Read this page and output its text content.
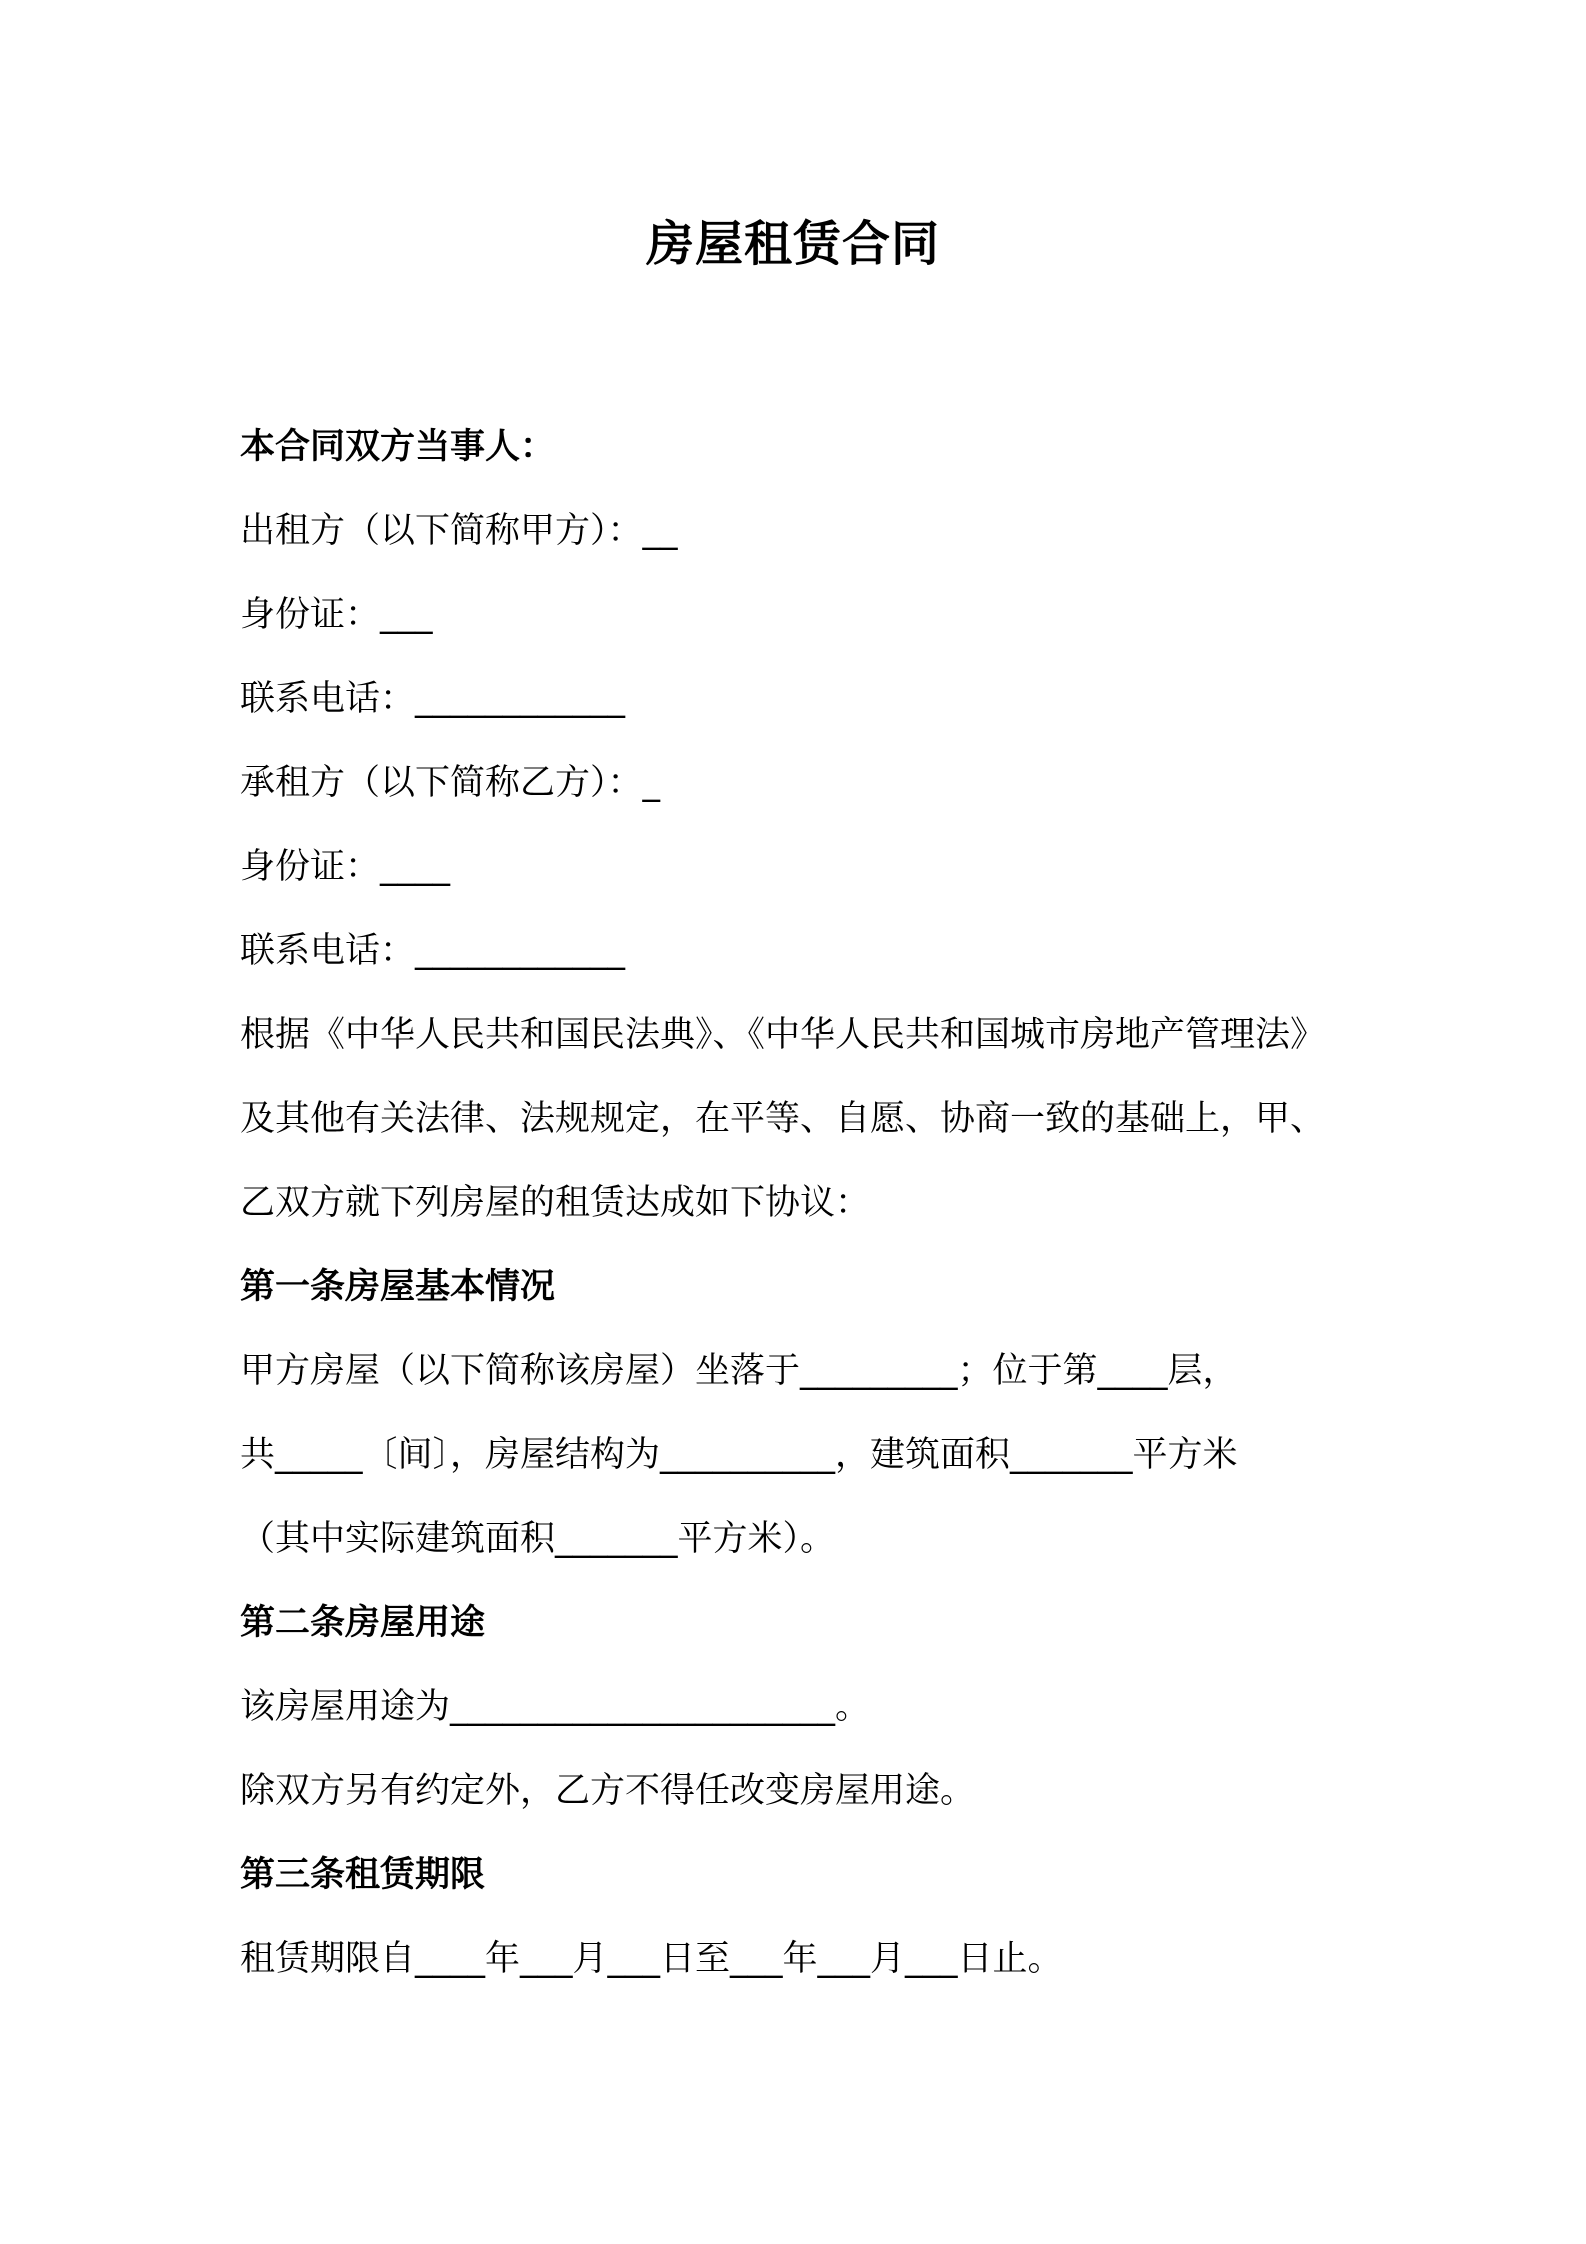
房屋租赁合同
本合同双方当事人：
出租方（以下简称甲方）：__
身份证：___
联系电话：____________
承租方（以下简称乙方）：_
身份证：____
联系电话：____________
根据《中华人民共和国民法典》、《中华人民共和国城市房地产管理法》
及其他有关法律、法规规定，在平等、自愿、协商一致的基础上，甲、
乙双方就下列房屋的租赁达成如下协议：
第一条房屋基本情况
甲方房屋（以下简称该房屋）坐落于_________；位于第____层，
共_____〔间〕，房屋结构为__________，建筑面积_______平方米
（其中实际建筑面积_______平方米）。
第二条房屋用途
该房屋用途为______________________。
除双方另有约定外，乙方不得任改变房屋用途。
第三条租赁期限
租赁期限自____年___月___日至___年___月___日止。
